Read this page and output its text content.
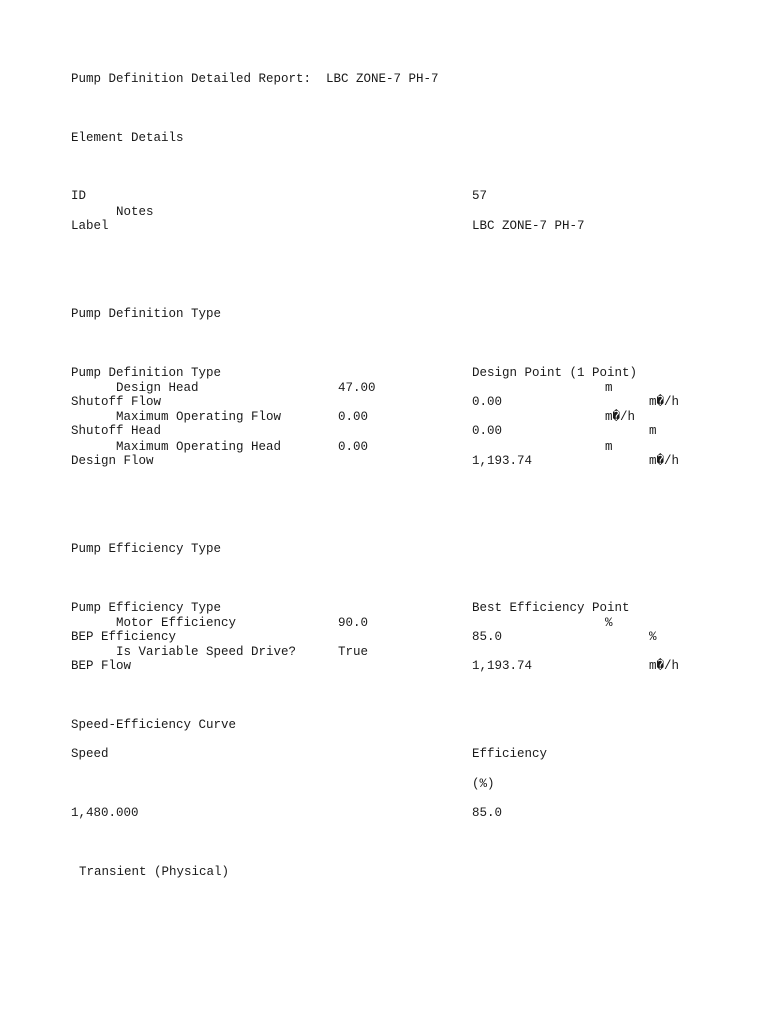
Pump Definition Detailed Report:  LBC ZONE-7 PH-7
Element Details
ID	57
Notes
Label	LBC ZONE-7 PH-7
Pump Definition Type
Pump Definition Type	Design Point (1 Point)
Design Head	47.00	m
Shutoff Flow	0.00	m�/h
Maximum Operating Flow	0.00	m�/h
Shutoff Head	0.00	m
Maximum Operating Head	0.00	m
Design Flow	1,193.74	m�/h
Pump Efficiency Type
Pump Efficiency Type	Best Efficiency Point
Motor Efficiency	90.0	%
BEP Efficiency	85.0	%
Is Variable Speed Drive?	True
BEP Flow	1,193.74	m�/h
Speed-Efficiency Curve
Speed	Efficiency
(%)
1,480.000	85.0
Transient (Physical)
